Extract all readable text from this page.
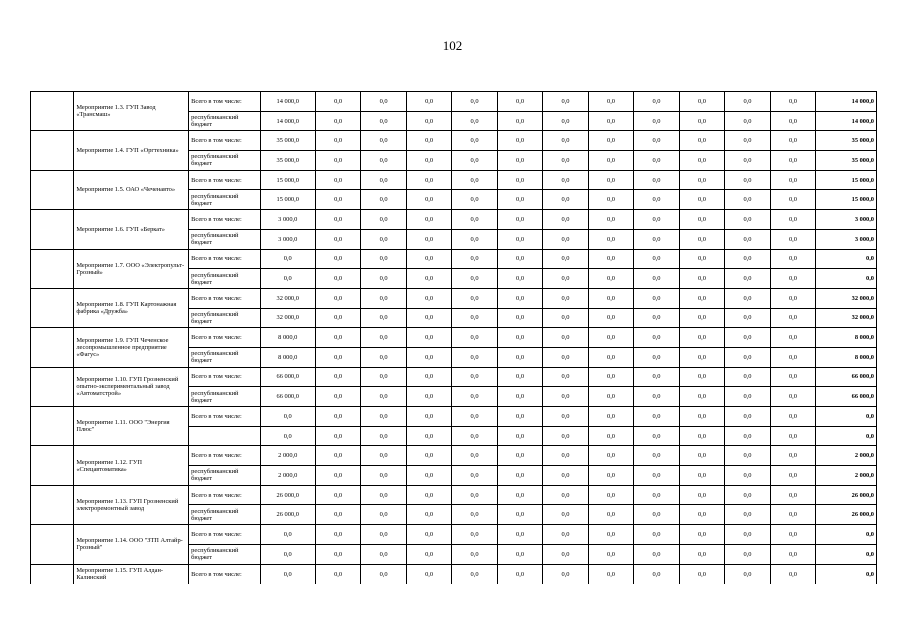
102
	Мероприятие 1.3. ГУП Завод «Трансмаш»	Всего в том числе:	14 000,0	0,0	0,0	0,0	0,0	0,0	0,0	0,0	0,0	0,0	0,0	0,0	14 000,0
		республиканский бюджет	14 000,0	0,0	0,0	0,0	0,0	0,0	0,0	0,0	0,0	0,0	0,0	0,0	14 000,0
	Мероприятие 1.4. ГУП «Оргтехника»	Всего в том числе:	35 000,0	0,0	0,0	0,0	0,0	0,0	0,0	0,0	0,0	0,0	0,0	0,0	35 000,0
		республиканский бюджет	35 000,0	0,0	0,0	0,0	0,0	0,0	0,0	0,0	0,0	0,0	0,0	0,0	35 000,0
	Мероприятие 1.5. ОАО «Чеченавто»	Всего в том числе:	15 000,0	0,0	0,0	0,0	0,0	0,0	0,0	0,0	0,0	0,0	0,0	0,0	15 000,0
		республиканский бюджет	15 000,0	0,0	0,0	0,0	0,0	0,0	0,0	0,0	0,0	0,0	0,0	0,0	15 000,0
	Мероприятие 1.6. ГУП «Беркат»	Всего в том числе:	3 000,0	0,0	0,0	0,0	0,0	0,0	0,0	0,0	0,0	0,0	0,0	0,0	3 000,0
		республиканский бюджет	3 000,0	0,0	0,0	0,0	0,0	0,0	0,0	0,0	0,0	0,0	0,0	0,0	3 000,0
	Мероприятие 1.7. ООО «Электропульт-Грозный»	Всего в том числе:	0,0	0,0	0,0	0,0	0,0	0,0	0,0	0,0	0,0	0,0	0,0	0,0	0,0
		республиканский бюджет	0,0	0,0	0,0	0,0	0,0	0,0	0,0	0,0	0,0	0,0	0,0	0,0	0,0
	Мероприятие 1.8. ГУП Картонажная фабрика «Дружба»	Всего в том числе:	32 000,0	0,0	0,0	0,0	0,0	0,0	0,0	0,0	0,0	0,0	0,0	0,0	32 000,0
		республиканский бюджет	32 000,0	0,0	0,0	0,0	0,0	0,0	0,0	0,0	0,0	0,0	0,0	0,0	32 000,0
	Мероприятие 1.9. ГУП Чеченское лесопромышленное предприятие «Фагус»	Всего в том числе:	8 000,0	0,0	0,0	0,0	0,0	0,0	0,0	0,0	0,0	0,0	0,0	0,0	8 000,0
		республиканский бюджет	8 000,0	0,0	0,0	0,0	0,0	0,0	0,0	0,0	0,0	0,0	0,0	0,0	8 000,0
	Мероприятие 1.10. ГУП Грозненский опытно-экспериментальный завод «Автоматстрой»	Всего в том числе:	66 000,0	0,0	0,0	0,0	0,0	0,0	0,0	0,0	0,0	0,0	0,0	0,0	66 000,0
		республиканский бюджет	66 000,0	0,0	0,0	0,0	0,0	0,0	0,0	0,0	0,0	0,0	0,0	0,0	66 000,0
	Мероприятие 1.11. ООО "Энергия Плюс"	Всего в том числе:	0,0	0,0	0,0	0,0	0,0	0,0	0,0	0,0	0,0	0,0	0,0	0,0	0,0
			0,0	0,0	0,0	0,0	0,0	0,0	0,0	0,0	0,0	0,0	0,0	0,0	0,0
	Мероприятие 1.12. ГУП «Спецавтоматика»	Всего в том числе:	2 000,0	0,0	0,0	0,0	0,0	0,0	0,0	0,0	0,0	0,0	0,0	0,0	2 000,0
		республиканский бюджет	2 000,0	0,0	0,0	0,0	0,0	0,0	0,0	0,0	0,0	0,0	0,0	0,0	2 000,0
	Мероприятие 1.13. ГУП Грозненский электроремонтный завод	Всего в том числе:	26 000,0	0,0	0,0	0,0	0,0	0,0	0,0	0,0	0,0	0,0	0,0	0,0	26 000,0
		республиканский бюджет	26 000,0	0,0	0,0	0,0	0,0	0,0	0,0	0,0	0,0	0,0	0,0	0,0	26 000,0
	Мероприятие 1.14. ООО "ЗТП Алтайр-Грозный"	Всего в том числе:	0,0	0,0	0,0	0,0	0,0	0,0	0,0	0,0	0,0	0,0	0,0	0,0	0,0
		республиканский бюджет	0,0	0,0	0,0	0,0	0,0	0,0	0,0	0,0	0,0	0,0	0,0	0,0	0,0
	Мероприятие 1.15. ГУП Алдан-Калинский	Всего в том числе:	0,0	0,0	0,0	0,0	0,0	0,0	0,0	0,0	0,0	0,0	0,0	0,0	0,0
